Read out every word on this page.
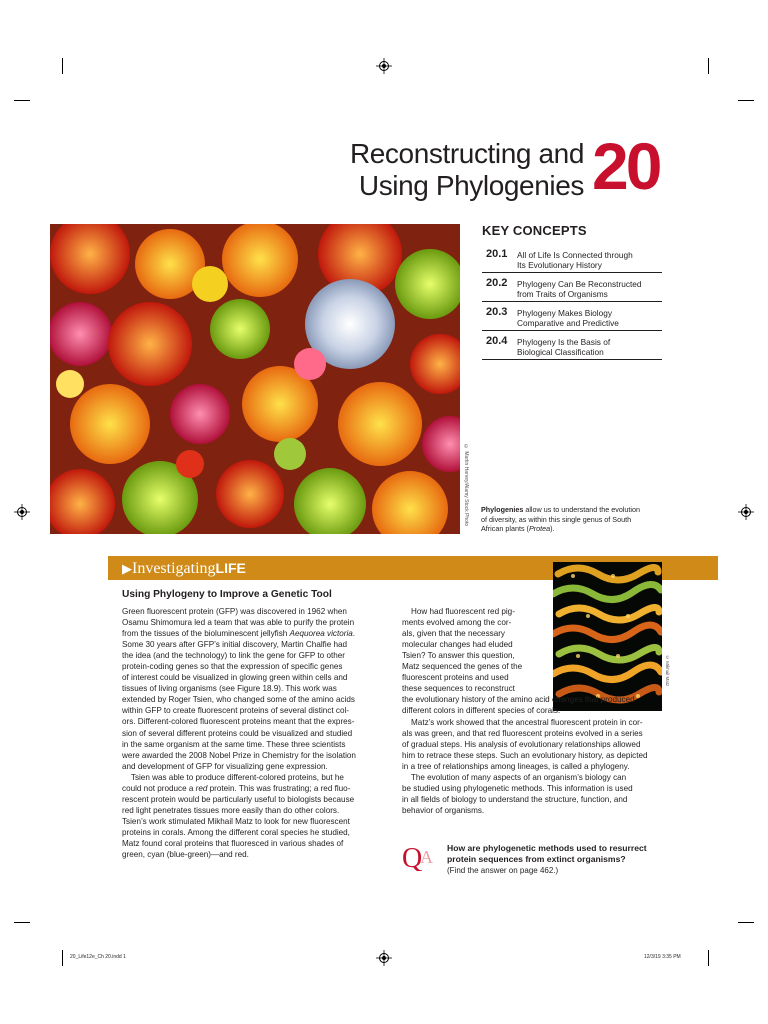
Reconstructing and
Using Phylogenies 20
KEY CONCEPTS
20.1	All of Life Is Connected through
Its Evolutionary History
20.2	Phylogeny Can Be Reconstructed
from Traits of Organisms
20.3	Phylogeny Makes Biology
Comparative and Predictive
20.4	Phylogeny Is the Basis of
Biological Classification
© Martin Harvey/Alamy Stock Photo Phylogenies allow us to understand the evolution
of diversity, as within this single genus of South
African plants (Protea).
▶InvestigatingLIFE
© Mikhail Matz
Using Phylogeny to Improve a Genetic Tool
Green fluorescent protein (GFP) was discovered in 1962 when
Osamu Shimomura led a team that was able to purify the protein
from the tissues of the bioluminescent jellyfish Aequorea victoria.
Some 30 years after GFP’s initial discovery, Martin Chalfie had
the idea (and the technology) to link the gene for GFP to other
protein-coding genes so that the expression of specific genes
of interest could be visualized in glowing green within cells and
tissues of living organisms (see Figure 18.9). This work was
extended by Roger Tsien, who changed some of the amino acids
within GFP to create fluorescent proteins of several distinct col-
ors. Different-colored fluorescent proteins meant that the expres-
sion of several different proteins could be visualized and studied
in the same organism at the same time. These three scientists
were awarded the 2008 Nobel Prize in Chemistry for the isolation
and development of GFP for visualizing gene expression.
Tsien was able to produce different-colored proteins, but he
could not produce a red protein. This was frustrating; a red fluo-
rescent protein would be particularly useful to biologists because
red light penetrates tissues more easily than do other colors.
Tsien’s work stimulated Mikhail Matz to look for new fluorescent
proteins in corals. Among the different coral species he studied,
Matz found coral proteins that fluoresced in various shades of
green, cyan (blue-green)—and red.
How had fluorescent red pig-
ments evolved among the cor-
als, given that the necessary
molecular changes had eluded
Tsien? To answer this question,
Matz sequenced the genes of the
fluorescent proteins and used
these sequences to reconstruct
the evolutionary history of the amino acid changes that produced
different colors in different species of corals.
Matz’s work showed that the ancestral fluorescent protein in cor-
als was green, and that red fluorescent proteins evolved in a series
of gradual steps. His analysis of evolutionary relationships allowed
him to retrace these steps. Such an evolutionary history, as depicted
in a tree of relationships among lineages, is called a phylogeny.
The evolution of many aspects of an organism’s biology can
be studied using phylogenetic methods. This information is used
in all fields of biology to understand the structure, function, and
behavior of organisms.
Q
A How are phylogenetic methods used to resurrect
protein sequences from extinct organisms?
(Find the answer on page 462.)
20_Life12e_Ch 20.indd 1	12/3/19 3:35 PM
